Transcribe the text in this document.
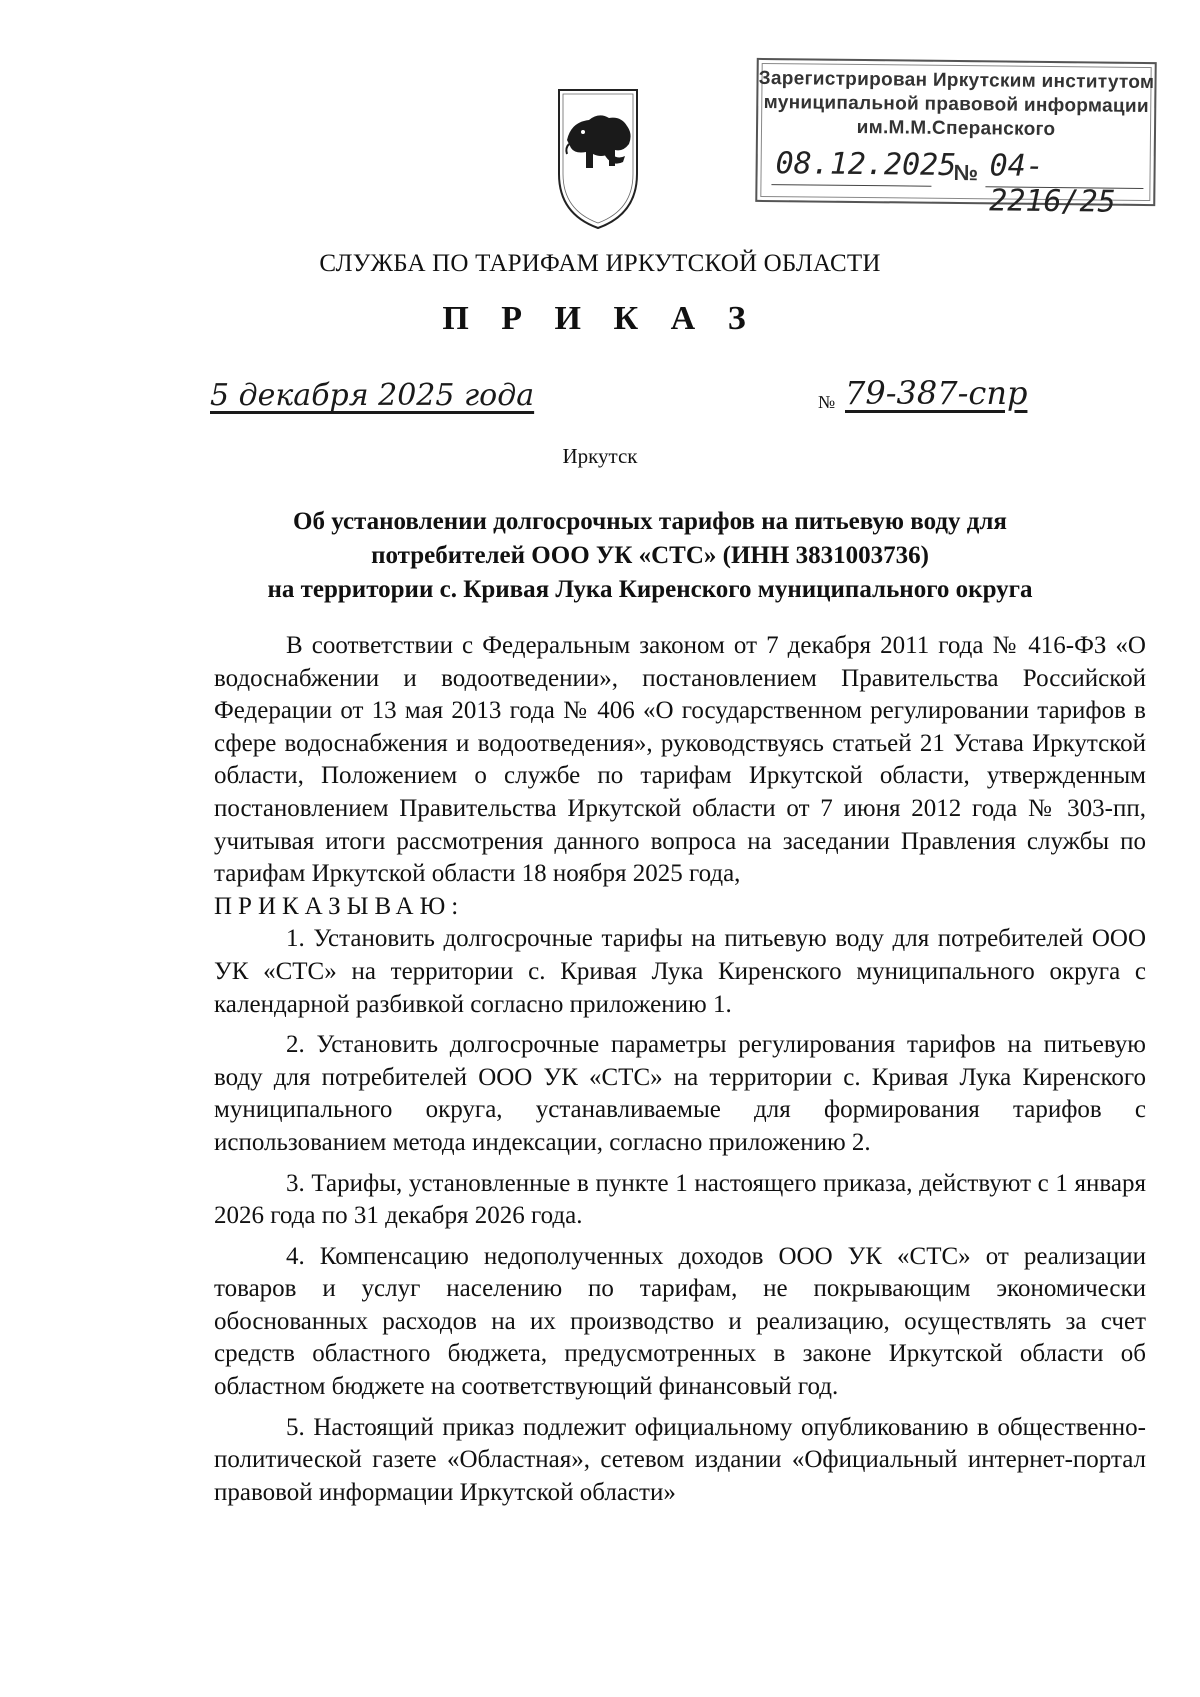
Зарегистрирован Иркутским институтом
муниципальной правовой информации
им.М.М.Сперанского
08.12.2025
№ 04-2216/25
СЛУЖБА ПО ТАРИФАМ ИРКУТСКОЙ ОБЛАСТИ
П Р И К А З
5 декабря 2025 года	№ 79-387-спр
Иркутск
Об установлении долгосрочных тарифов на питьевую воду для
потребителей ООО УК «СТС» (ИНН 3831003736)
на территории с. Кривая Лука Киренского муниципального округа

В соответствии с Федеральным законом от 7 декабря 2011 года № 416-ФЗ «О водоснабжении и водоотведении», постановлением Правительства Российской Федерации от 13 мая 2013 года № 406 «О государственном регулировании тарифов в сфере водоснабжения и водоотведения», руководствуясь статьей 21 Устава Иркутской области, Положением о службе по тарифам Иркутской области, утвержденным постановлением Правительства Иркутской области от 7 июня 2012 года № 303-пп, учитывая итоги рассмотрения данного вопроса на заседании Правления службы по тарифам Иркутской области 18 ноября 2025 года,

ПРИКАЗЫВАЮ:

1. Установить долгосрочные тарифы на питьевую воду для потребителей ООО УК «СТС» на территории с. Кривая Лука Киренского муниципального округа с календарной разбивкой согласно приложению 1.

2. Установить долгосрочные параметры регулирования тарифов на питьевую воду для потребителей ООО УК «СТС» на территории с. Кривая Лука Киренского муниципального округа, устанавливаемые для формирования тарифов с использованием метода индексации, согласно приложению 2.

3. Тарифы, установленные в пункте 1 настоящего приказа, действуют с 1 января 2026 года по 31 декабря 2026 года.

4. Компенсацию недополученных доходов ООО УК «СТС» от реализации товаров и услуг населению по тарифам, не покрывающим экономически обоснованных расходов на их производство и реализацию, осуществлять за счет средств областного бюджета, предусмотренных в законе Иркутской области об областном бюджете на соответствующий финансовый год.

5. Настоящий приказ подлежит официальному опубликованию в общественно-политической газете «Областная», сетевом издании «Официальный интернет-портал правовой информации Иркутской области»
